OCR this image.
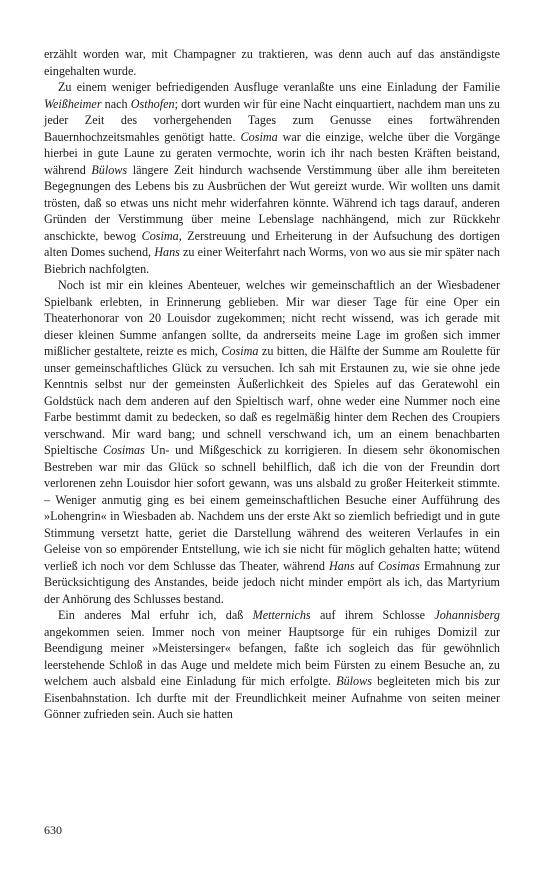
erzählt worden war, mit Champagner zu traktieren, was denn auch auf das anständigste eingehalten wurde.

Zu einem weniger befriedigenden Ausfluge veranlaßte uns eine Einladung der Familie Weißheimer nach Osthofen; dort wurden wir für eine Nacht einquartiert, nachdem man uns zu jeder Zeit des vorhergehenden Tages zum Genusse eines fortwährenden Bauernhochzeitsmahles genötigt hatte. Cosima war die einzige, welche über die Vorgänge hierbei in gute Laune zu geraten vermochte, worin ich ihr nach besten Kräften beistand, während Bülows längere Zeit hindurch wachsende Verstimmung über alle ihm bereiteten Begegnungen des Lebens bis zu Ausbrüchen der Wut gereizt wurde. Wir wollten uns damit trösten, daß so etwas uns nicht mehr widerfahren könnte. Während ich tags darauf, anderen Gründen der Verstimmung über meine Lebenslage nachhängend, mich zur Rückkehr anschickte, bewog Cosima, Zerstreuung und Erheiterung in der Aufsuchung des dortigen alten Domes suchend, Hans zu einer Weiterfahrt nach Worms, von wo aus sie mir später nach Biebrich nachfolgten.

Noch ist mir ein kleines Abenteuer, welches wir gemeinschaftlich an der Wiesbadener Spielbank erlebten, in Erinnerung geblieben. Mir war dieser Tage für eine Oper ein Theaterhonorar von 20 Louisdor zugekommen; nicht recht wissend, was ich gerade mit dieser kleinen Summe anfangen sollte, da andrerseits meine Lage im großen sich immer mißlicher gestaltete, reizte es mich, Cosima zu bitten, die Hälfte der Summe am Roulette für unser gemeinschaftliches Glück zu versuchen. Ich sah mit Erstaunen zu, wie sie ohne jede Kenntnis selbst nur der gemeinsten Äußerlichkeit des Spieles auf das Geratewohl ein Goldstück nach dem anderen auf den Spieltisch warf, ohne weder eine Nummer noch eine Farbe bestimmt damit zu bedecken, so daß es regelmäßig hinter dem Rechen des Croupiers verschwand. Mir ward bang; und schnell verschwand ich, um an einem benachbarten Spieltische Cosimas Un- und Mißgeschick zu korrigieren. In diesem sehr ökonomischen Bestreben war mir das Glück so schnell behilflich, daß ich die von der Freundin dort verlorenen zehn Louisdor hier sofort gewann, was uns alsbald zu großer Heiterkeit stimmte. – Weniger anmutig ging es bei einem gemeinschaftlichen Besuche einer Aufführung des »Lohengrin« in Wiesbaden ab. Nachdem uns der erste Akt so ziemlich befriedigt und in gute Stimmung versetzt hatte, geriet die Darstellung während des weiteren Verlaufes in ein Geleise von so empörender Entstellung, wie ich sie nicht für möglich gehalten hatte; wütend verließ ich noch vor dem Schlusse das Theater, während Hans auf Cosimas Ermahnung zur Berücksichtigung des Anstandes, beide jedoch nicht minder empört als ich, das Martyrium der Anhörung des Schlusses bestand.

Ein anderes Mal erfuhr ich, daß Metternichs auf ihrem Schlosse Johannisberg angekommen seien. Immer noch von meiner Hauptsorge für ein ruhiges Domizil zur Beendigung meiner »Meistersinger« befangen, faßte ich sogleich das für gewöhnlich leerstehende Schloß in das Auge und meldete mich beim Fürsten zu einem Besuche an, zu welchem auch alsbald eine Einladung für mich erfolgte. Bülows begleiteten mich bis zur Eisenbahnstation. Ich durfte mit der Freundlichkeit meiner Aufnahme von seiten meiner Gönner zufrieden sein. Auch sie hatten

630
